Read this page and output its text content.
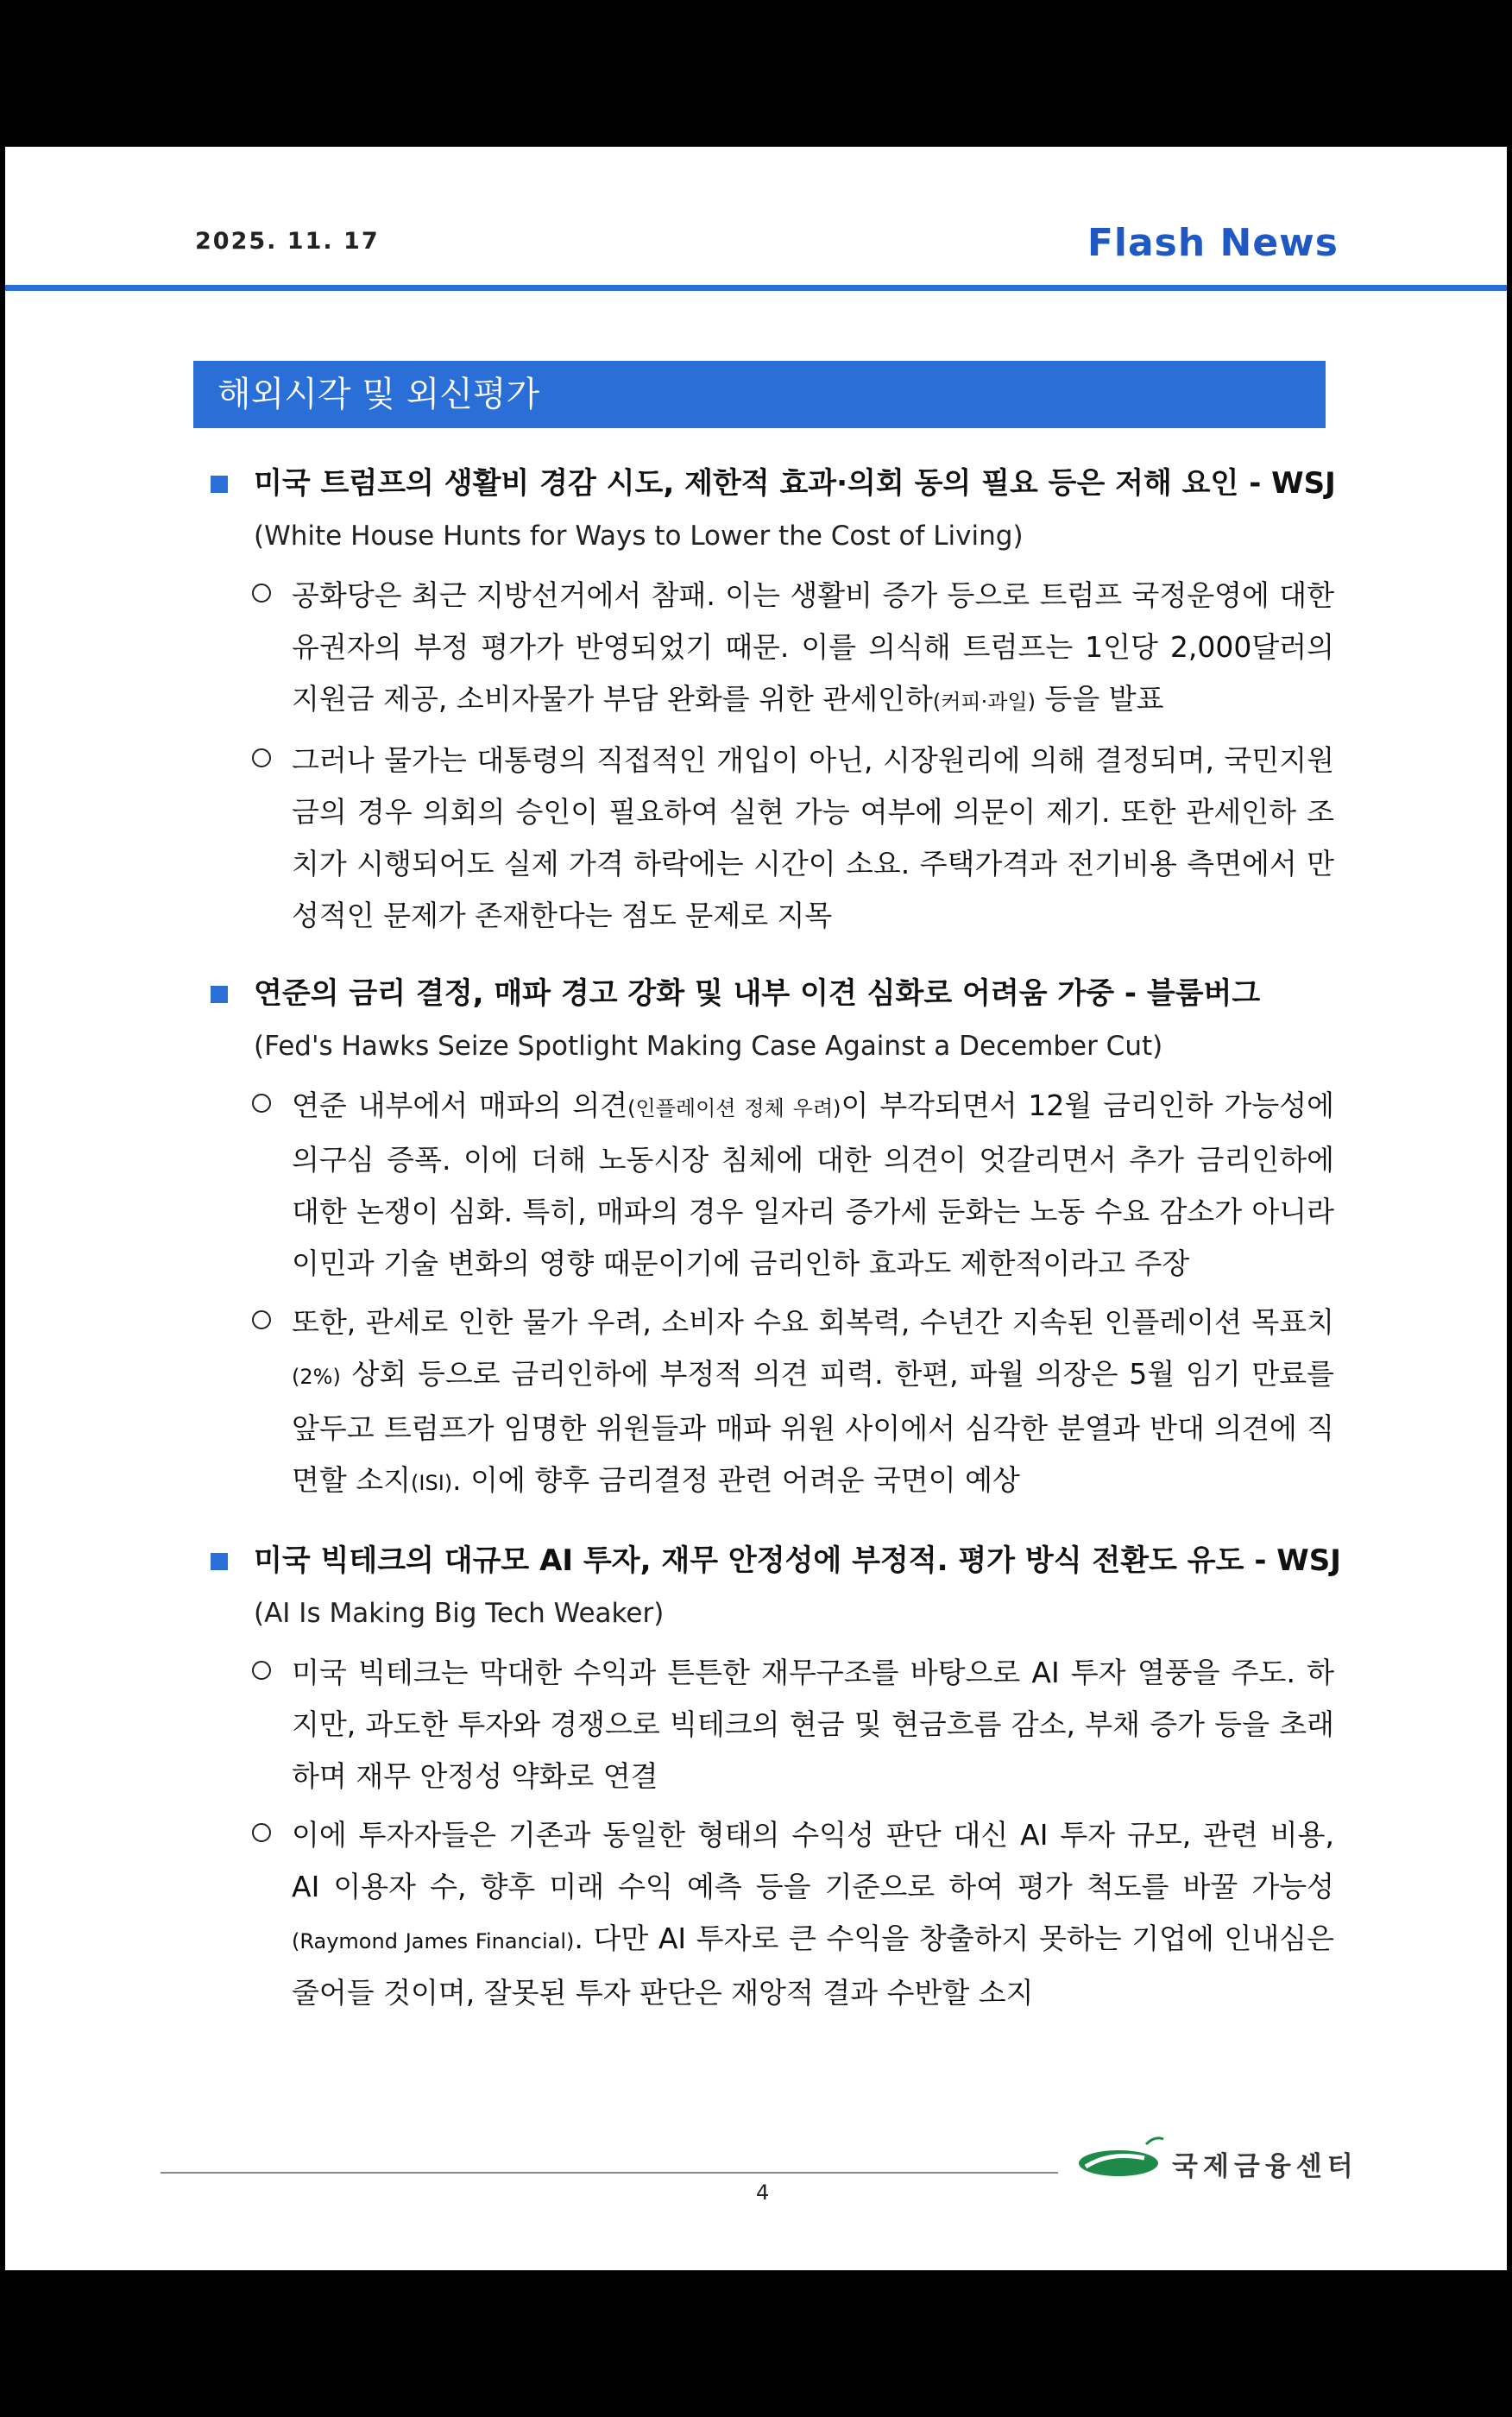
2025. 11. 17	Flash News
해외시각 및 외신평가
미국 트럼프의 생활비 경감 시도, 제한적 효과·의회 동의 필요 등은 저해 요인 - WSJ
(White House Hunts for Ways to Lower the Cost of Living)
공화당은 최근 지방선거에서 참패. 이는 생활비 증가 등으로 트럼프 국정운영에 대한 유권자의 부정 평가가 반영되었기 때문. 이를 의식해 트럼프는 1인당 2,000달러의 지원금 제공, 소비자물가 부담 완화를 위한 관세인하(커피·과일) 등을 발표
그러나 물가는 대통령의 직접적인 개입이 아닌, 시장원리에 의해 결정되며, 국민지원금의 경우 의회의 승인이 필요하여 실현 가능 여부에 의문이 제기. 또한 관세인하 조치가 시행되어도 실제 가격 하락에는 시간이 소요. 주택가격과 전기비용 측면에서 만성적인 문제가 존재한다는 점도 문제로 지목
연준의 금리 결정, 매파 경고 강화 및 내부 이견 심화로 어려움 가중 - 블룸버그
(Fed's Hawks Seize Spotlight Making Case Against a December Cut)
연준 내부에서 매파의 의견(인플레이션 정체 우려)이 부각되면서 12월 금리인하 가능성에 의구심 증폭. 이에 더해 노동시장 침체에 대한 의견이 엇갈리면서 추가 금리인하에 대한 논쟁이 심화. 특히, 매파의 경우 일자리 증가세 둔화는 노동 수요 감소가 아니라 이민과 기술 변화의 영향 때문이기에 금리인하 효과도 제한적이라고 주장
또한, 관세로 인한 물가 우려, 소비자 수요 회복력, 수년간 지속된 인플레이션 목표치(2%) 상회 등으로 금리인하에 부정적 의견 피력. 한편, 파월 의장은 5월 임기 만료를 앞두고 트럼프가 임명한 위원들과 매파 위원 사이에서 심각한 분열과 반대 의견에 직면할 소지(ISI). 이에 향후 금리결정 관련 어려운 국면이 예상
미국 빅테크의 대규모 AI 투자, 재무 안정성에 부정적. 평가 방식 전환도 유도 - WSJ
(AI Is Making Big Tech Weaker)
미국 빅테크는 막대한 수익과 튼튼한 재무구조를 바탕으로 AI 투자 열풍을 주도. 하지만, 과도한 투자와 경쟁으로 빅테크의 현금 및 현금흐름 감소, 부채 증가 등을 초래하며 재무 안정성 약화로 연결
이에 투자자들은 기존과 동일한 형태의 수익성 판단 대신 AI 투자 규모, 관련 비용, AI 이용자 수, 향후 미래 수익 예측 등을 기준으로 하여 평가 척도를 바꿀 가능성(Raymond James Financial). 다만 AI 투자로 큰 수익을 창출하지 못하는 기업에 인내심은 줄어들 것이며, 잘못된 투자 판단은 재앙적 결과 수반할 소지
4
국제금융센터
